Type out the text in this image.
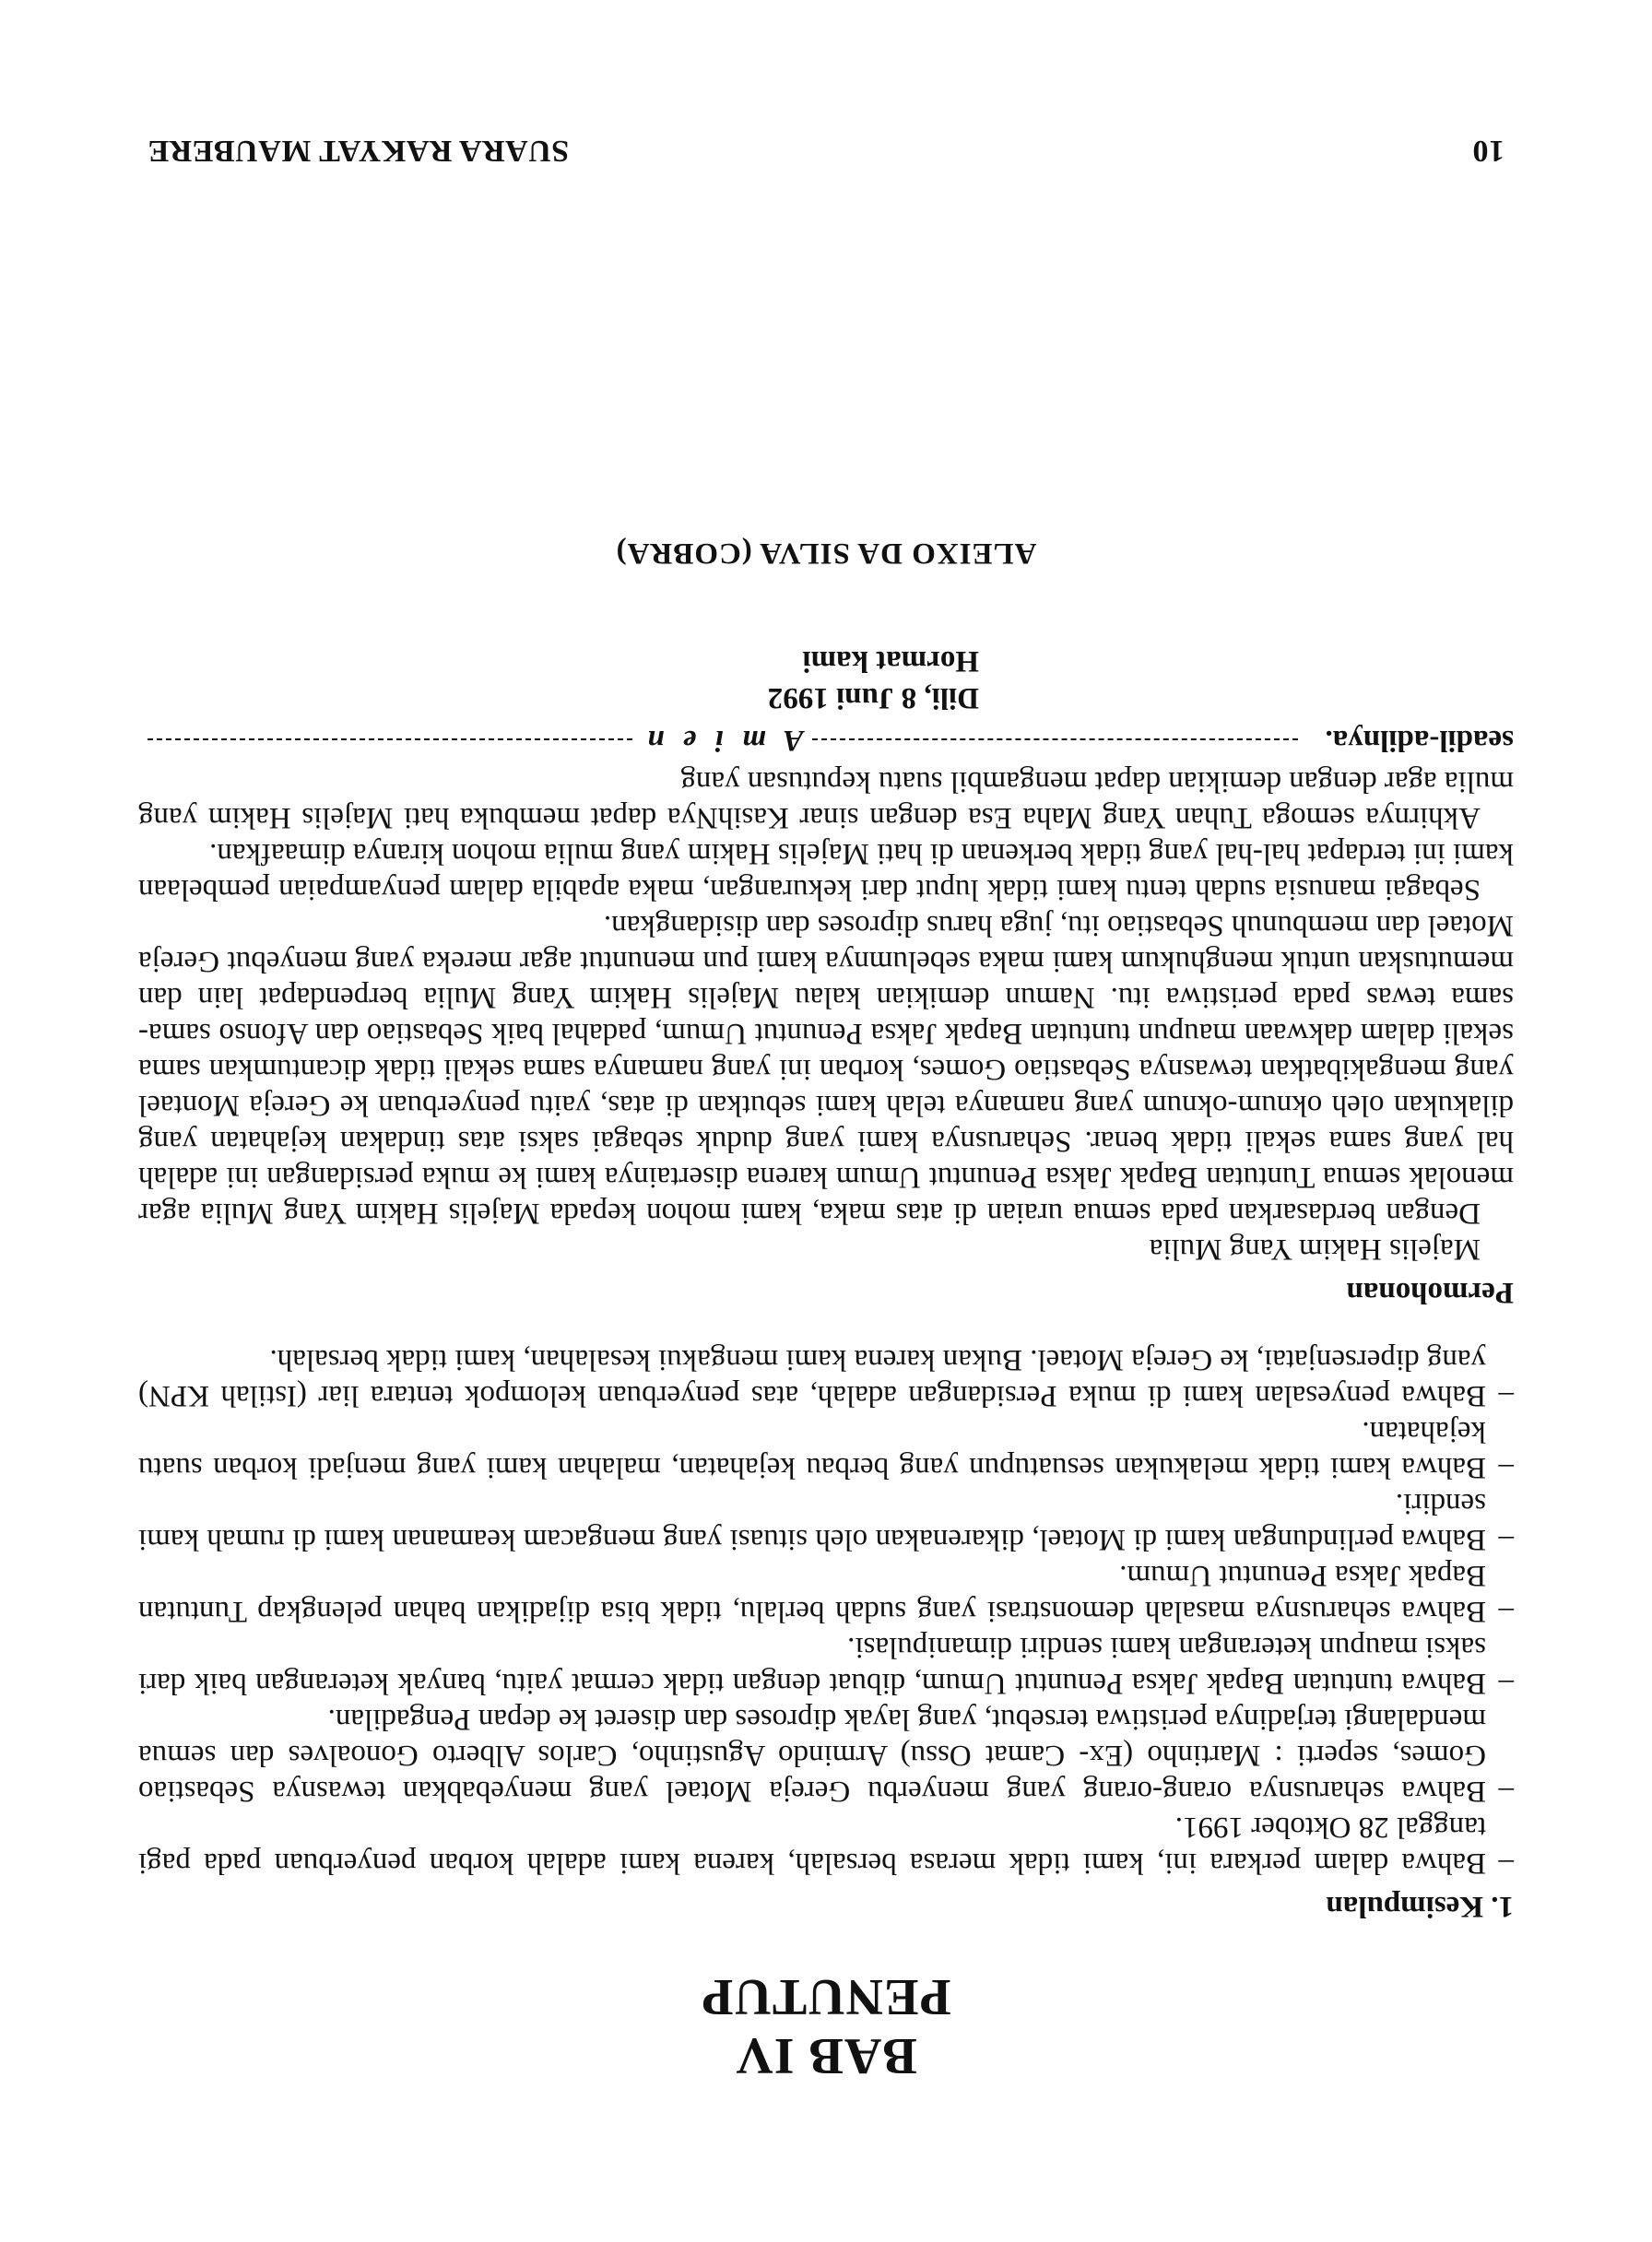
BAB IV
PENUTUP
1. Kesimpulan
– Bahwa dalam perkara ini, kami tidak merasa bersalah, karena kami adalah korban penyerbuan pada pagi tanggal 28 Oktober 1991.
– Bahwa seharusnya orang-orang yang menyerbu Gereja Motael yang menyebabkan tewasnya Sebastiao Gomes, seperti : Martinho (Ex- Camat Ossu) Armindo Agustinho, Carlos Alberto Gonoalves dan semua mendalangi terjadinya peristiwa tersebut, yang layak diproses dan diseret ke depan Pengadilan.
– Bahwa tuntutan Bapak Jaksa Penuntut Umum, dibuat dengan tidak cermat yaitu, banyak keterangan baik dari saksi maupun keterangan kami sendiri dimanipulasi.
– Bahwa seharusnya masalah demonstrasi yang sudah berlalu, tidak bisa dijadikan bahan pelengkap Tuntutan Bapak Jaksa Penuntut Umum.
– Bahwa perlindungan kami di Motael, dikarenakan oleh situasi yang mengacam keamanan kami di rumah kami sendiri.
– Bahwa kami tidak melakukan sesuatupun yang berbau kejahatan, malahan kami yang menjadi korban suatu kejahatan.
– Bahwa penyesalan kami di muka Persidangan adalah, atas penyerbuan kelompok tentara liar (Istilah KPN) yang dipersenjatai, ke Gereja Motael. Bukan karena kami mengakui kesalahan, kami tidak bersalah.
Permohonan

Majelis Hakim Yang Mulia

Dengan berdasarkan pada semua uraian di atas maka, kami mohon kepada Majelis Hakim Yang Mulia agar menolak semua Tuntutan Bapak Jaksa Penuntut Umum karena disertainya kami ke muka persidangan ini adalah hal yang sama sekali tidak benar. Seharusnya kami yang duduk sebagai saksi atas tindakan kejahatan yang dilakukan oleh oknum-oknum yang namanya telah kami sebutkan di atas, yaitu penyerbuan ke Gereja Montael yang mengakibatkan tewasnya Sebastiao Gomes, korban ini yang namanya sama sekali tidak dicantumkan sama sekali dalam dakwaan maupun tuntutan Bapak Jaksa Penuntut Umum, padahal baik Sebastiao dan Afonso sama-sama tewas pada peristiwa itu. Namun demikian kalau Majelis Hakim Yang Mulia berpendapat lain dan memutuskan untuk menghukum kami maka sebelumnya kami pun menuntut agar mereka yang menyebut Gereja Motael dan membunuh Sebastiao itu, juga harus diproses dan disidangkan.

Sebagai manusia sudah tentu kami tidak luput dari kekurangan, maka apabila dalam penyampaian pembelaan kami ini terdapat hal-hal yang tidak berkenan di hati Majelis Hakim yang mulia mohon kiranya dimaafkan.

Akhirnya semoga Tuhan Yang Maha Esa dengan sinar KasihNya dapat membuka hati Majelis Hakim yang mulia agar dengan demikian dapat mengambil suatu keputusan yang

seadil-adilnya.
A m i e n
Dili, 8 Juni 1992
Hormat kami
ALEIXO DA SILVA (COBRA)
10
SUARA RAKYAT MAUBERE
